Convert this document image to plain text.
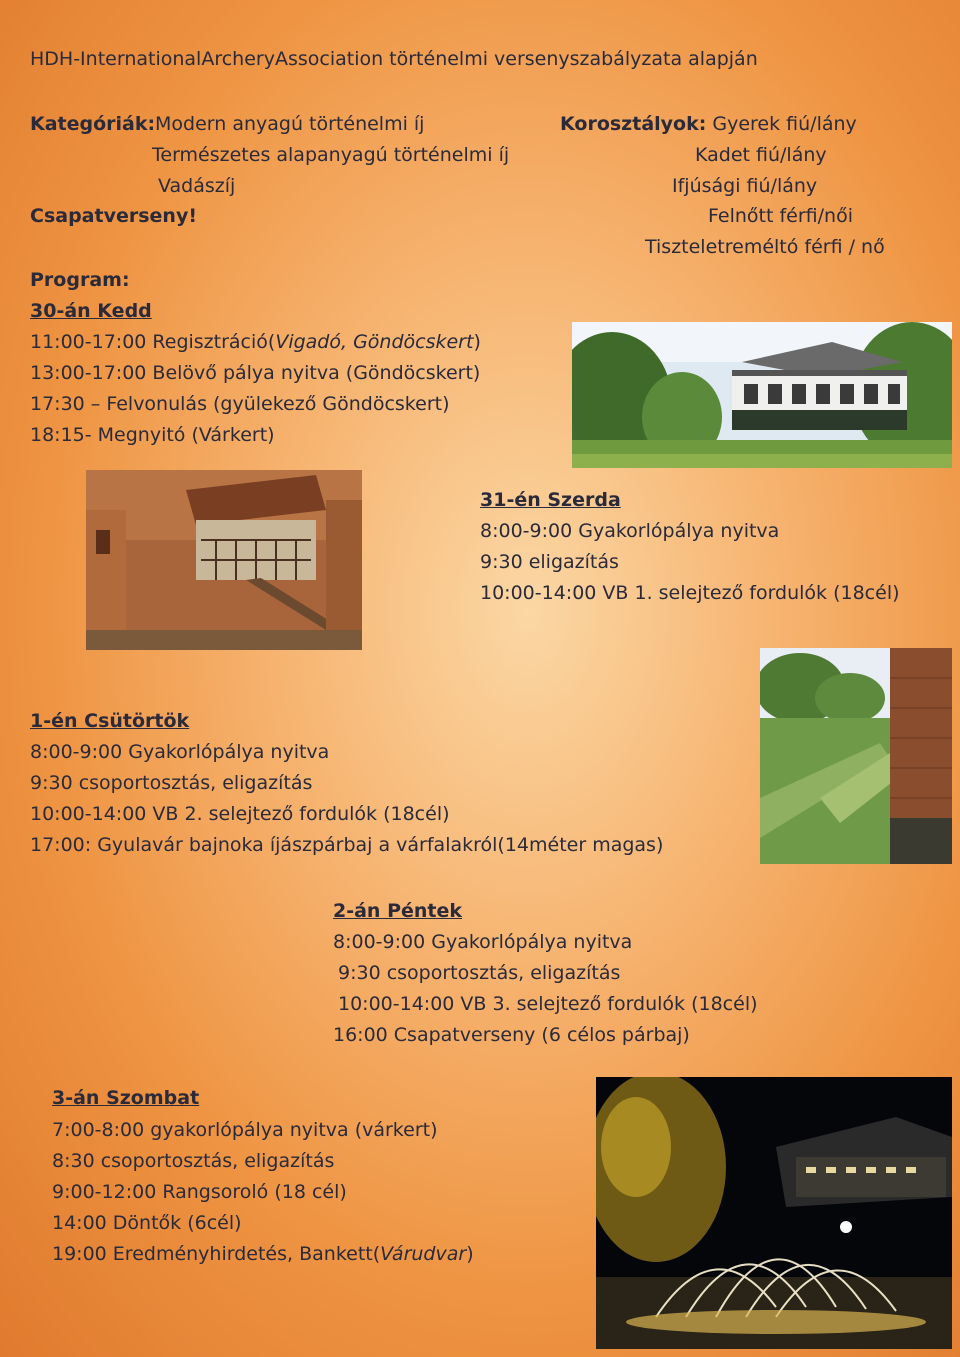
HDH-InternationalArcheryAssociation történelmi versenyszabályzata alapján
Kategóriák: Modern anyagú történelmi íj
Természetes alapanyagú történelmi íj
Vadászíj
Csapatverseny!
Korosztályok: Gyerek fiú/lány
Kadet fiú/lány
Ifjúsági fiú/lány
Felnőtt férfi/női
Tiszteletreméltó férfi / nő
Program:
30-án Kedd
11:00-17:00 Regisztráció(Vigadó, Göndöcskert)
13:00-17:00 Belövő pálya nyitva (Göndöcskert)
17:30 – Felvonulás (gyülekező Göndöcskert)
18:15- Megnyitó (Várkert)
31-én Szerda
8:00-9:00 Gyakorlópálya nyitva
9:30 eligazítás
10:00-14:00 VB 1. selejtező fordulók (18cél)
1-én Csütörtök
8:00-9:00 Gyakorlópálya nyitva
9:30 csoportosztás, eligazítás
10:00-14:00 VB 2. selejtező fordulók (18cél)
17:00: Gyulavár bajnoka íjászpárbaj a várfalakról(14méter magas)
2-án Péntek
8:00-9:00 Gyakorlópálya nyitva
9:30 csoportosztás, eligazítás
10:00-14:00 VB 3. selejtező fordulók (18cél)
16:00 Csapatverseny (6 célos párbaj)
3-án Szombat
7:00-8:00 gyakorlópálya nyitva (várkert)
8:30 csoportosztás, eligazítás
9:00-12:00 Rangsoroló (18 cél)
14:00 Döntők (6cél)
19:00 Eredményhirdetés, Bankett(Várudvar)
